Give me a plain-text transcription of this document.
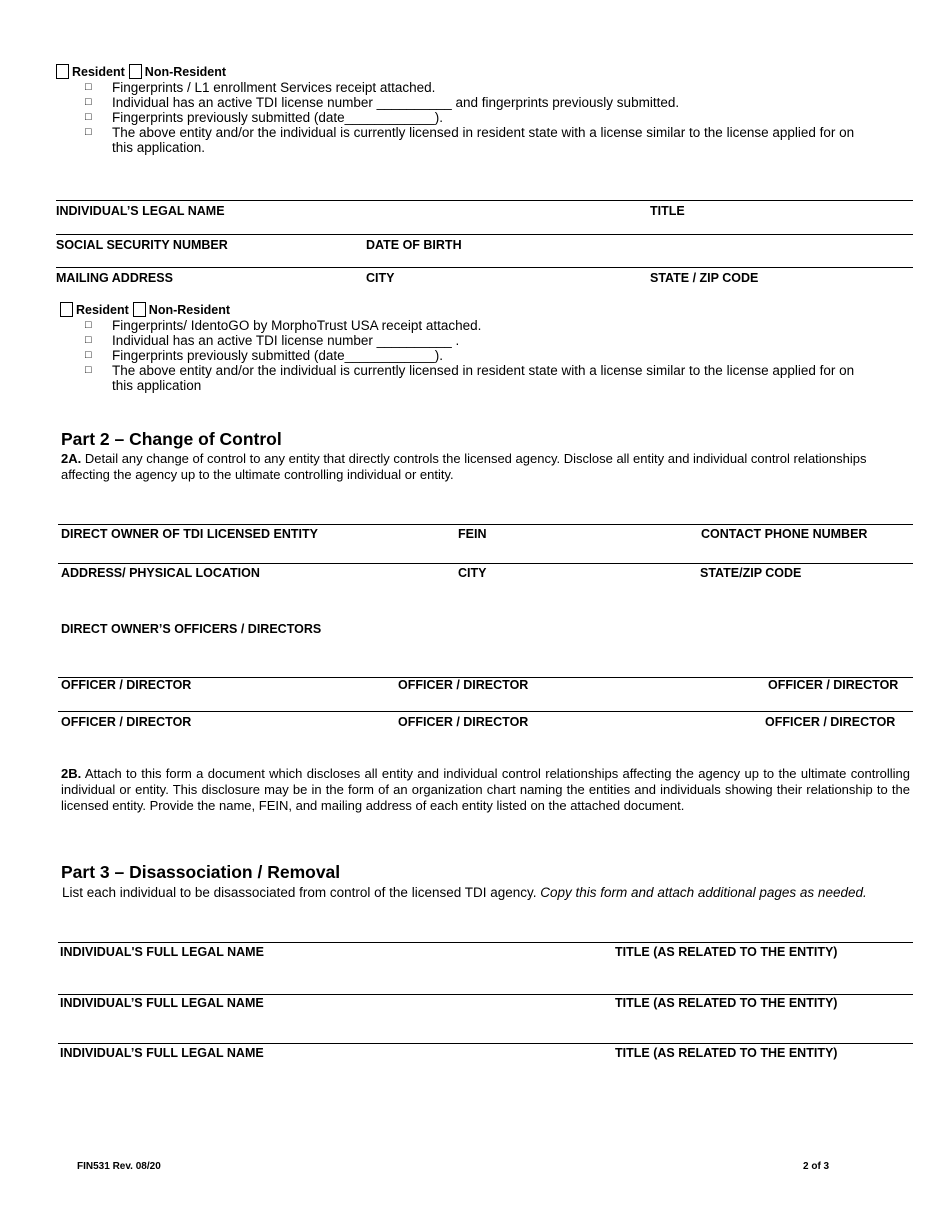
Resident Non-Resident
□	Fingerprints / L1 enrollment Services receipt attached.
□	Individual has an active TDI license number __________ and fingerprints previously submitted.
□	Fingerprints previously submitted (date____________).
□	The above entity and/or the individual is currently licensed in resident state with a license similar to the license applied for on this application.
INDIVIDUAL’S LEGAL NAME	TITLE
SOCIAL SECURITY NUMBER	DATE OF BIRTH
MAILING ADDRESS	CITY	STATE / ZIP CODE
Resident Non-Resident
□	Fingerprints/ IdentoGO by MorphoTrust USA receipt attached.
□	Individual has an active TDI license number __________ .
□	Fingerprints previously submitted (date____________).
□	The above entity and/or the individual is currently licensed in resident state with a license similar to the license applied for on this application
Part 2 – Change of Control
2A. Detail any change of control to any entity that directly controls the licensed agency. Disclose all entity and individual control relationships affecting the agency up to the ultimate controlling individual or entity.
DIRECT OWNER OF TDI LICENSED ENTITY	FEIN	CONTACT PHONE NUMBER
ADDRESS/ PHYSICAL LOCATION	CITY	STATE/ZIP CODE
DIRECT OWNER’S OFFICERS / DIRECTORS
OFFICER / DIRECTOR	OFFICER / DIRECTOR	OFFICER / DIRECTOR
OFFICER / DIRECTOR	OFFICER / DIRECTOR	OFFICER / DIRECTOR
2B. Attach to this form a document which discloses all entity and individual control relationships affecting the agency up to the ultimate controlling individual or entity. This disclosure may be in the form of an organization chart naming the entities and individuals showing their relationship to the licensed entity. Provide the name, FEIN, and mailing address of each entity listed on the attached document.
Part 3 – Disassociation / Removal
List each individual to be disassociated from control of the licensed TDI agency. Copy this form and attach additional pages as needed.
INDIVIDUAL'S FULL LEGAL NAME	TITLE (AS RELATED TO THE ENTITY)
INDIVIDUAL’S FULL LEGAL NAME	TITLE (AS RELATED TO THE ENTITY)
INDIVIDUAL’S FULL LEGAL NAME	TITLE (AS RELATED TO THE ENTITY)
FIN531 Rev. 08/20	2 of 3
